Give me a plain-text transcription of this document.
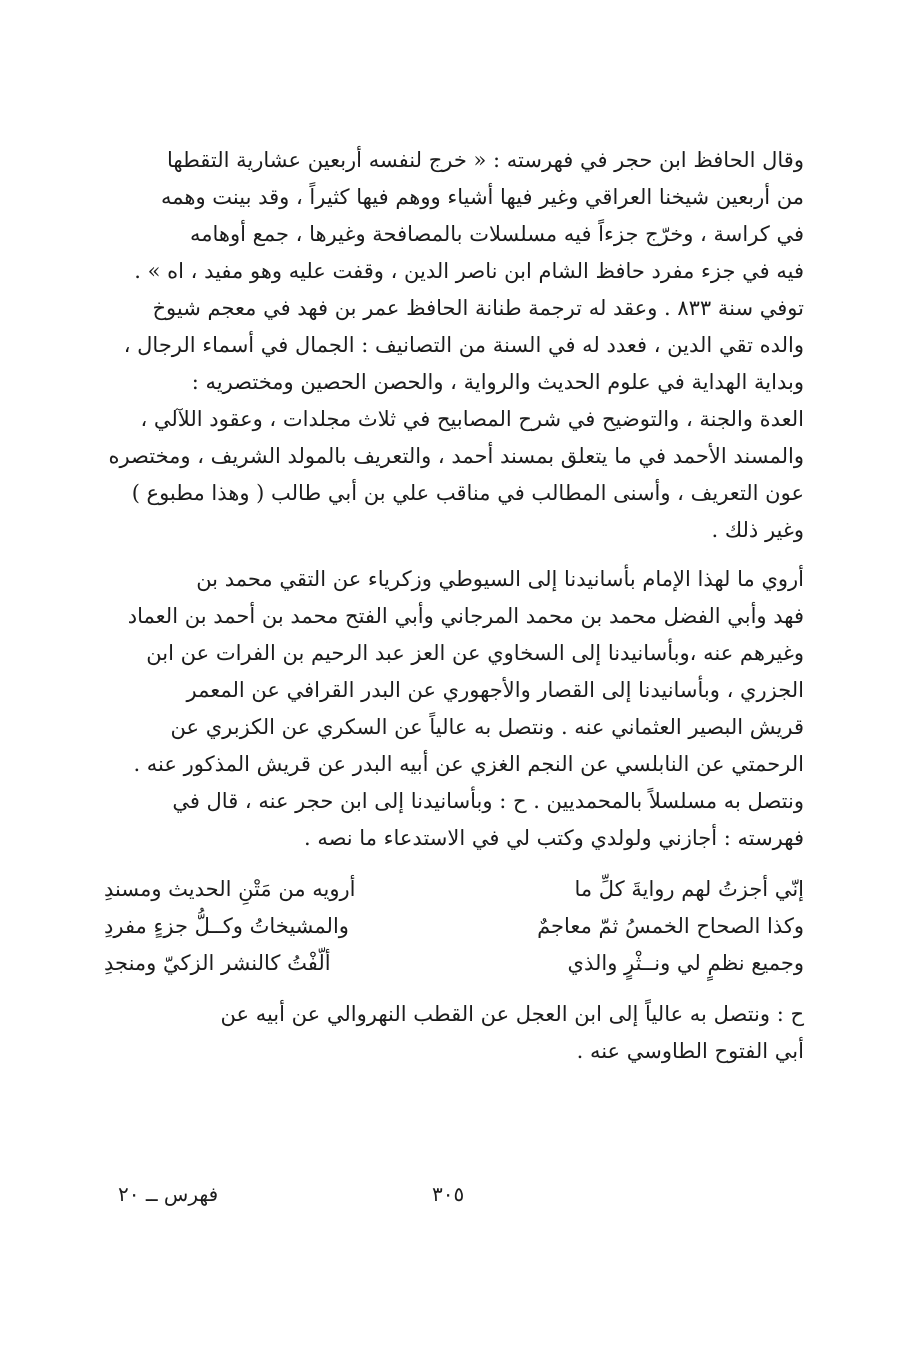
وقال الحافظ ابن حجر في فهرسته : « خرج لنفسه أربعين عشارية التقطها
من أربعين شيخنا العراقي وغير فيها أشياء ووهم فيها كثيراً ، وقد بينت وهمه
في كراسة ، وخرّج جزءاً فيه مسلسلات بالمصافحة وغيرها ، جمع أوهامه
فيه في جزء مفرد حافظ الشام ابن ناصر الدين ، وقفت عليه وهو مفيد ، اه » .
توفي سنة ٨٣٣ . وعقد له ترجمة طنانة الحافظ عمر بن فهد في معجم شيوخ
والده تقي الدين ، فعدد له في السنة من التصانيف : الجمال في أسماء الرجال ،
وبداية الهداية في علوم الحديث والرواية ، والحصن الحصين ومختصريه :
العدة والجنة ، والتوضيح في شرح المصابيح في ثلاث مجلدات ، وعقود اللآلي ،
والمسند الأحمد في ما يتعلق بمسند أحمد ، والتعريف بالمولد الشريف ، ومختصره
عون التعريف ، وأسنى المطالب في مناقب علي بن أبي طالب ( وهذا مطبوع )
وغير ذلك .

أروي ما لهذا الإمام بأسانيدنا إلى السيوطي وزكرياء عن التقي محمد بن
فهد وأبي الفضل محمد بن محمد المرجاني وأبي الفتح محمد بن أحمد بن العماد
وغيرهم عنه ،وبأسانيدنا إلى السخاوي عن العز عبد الرحيم بن الفرات عن ابن
الجزري ، وبأسانيدنا إلى القصار والأجهوري عن البدر القرافي عن المعمر
قريش البصير العثماني عنه . ونتصل به عالياً عن السكري عن الكزبري عن
الرحمتي عن النابلسي عن النجم الغزي عن أبيه البدر عن قريش المذكور عنه .
ونتصل به مسلسلاً بالمحمديين . ح : وبأسانيدنا إلى ابن حجر عنه ، قال في
فهرسته : أجازني ولولدي وكتب لي في الاستدعاء ما نصه .

إنّي أجزتُ لهم روايةَ كلِّ ما
أرويه من مَتْنِ الحديث ومسندِ
وكذا الصحاح الخمسُ ثمّ معاجمٌ
والمشيخاتُ وكــلُّ جزءٍ مفردِ
وجميع نظمٍ لي ونــثْرٍ والذي
ألّفْتُ كالنشر الزكيّ ومنجدِ

ح : ونتصل به عالياً إلى ابن العجل عن القطب النهروالي عن أبيه عن
أبي الفتوح الطاوسي عنه .

٣٠٥
فهرس ــ ٢٠
